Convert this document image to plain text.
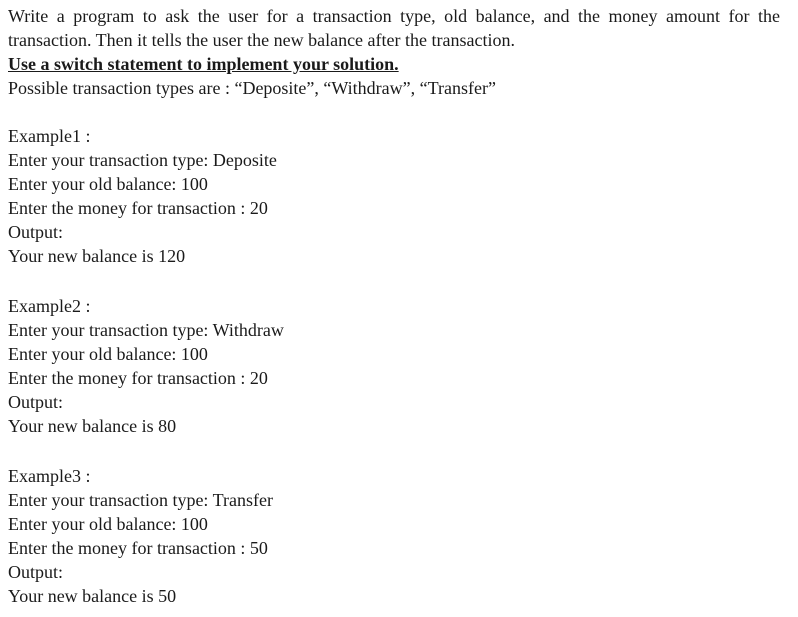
Write a program to ask the user for a transaction type, old balance, and the money amount for the transaction. Then it tells the user the new balance after the transaction.

Use a switch statement to implement your solution.

Possible transaction types are : “Deposite”, “Withdraw”, “Transfer”

Example1 :

Enter your transaction type: Deposite

Enter your old balance: 100

Enter the money for transaction : 20

Output:

Your new balance is 120

Example2 :

Enter your transaction type: Withdraw

Enter your old balance: 100

Enter the money for transaction : 20

Output:

Your new balance is 80

Example3 :

Enter your transaction type: Transfer

Enter your old balance: 100

Enter the money for transaction : 50

Output:

Your new balance is 50
